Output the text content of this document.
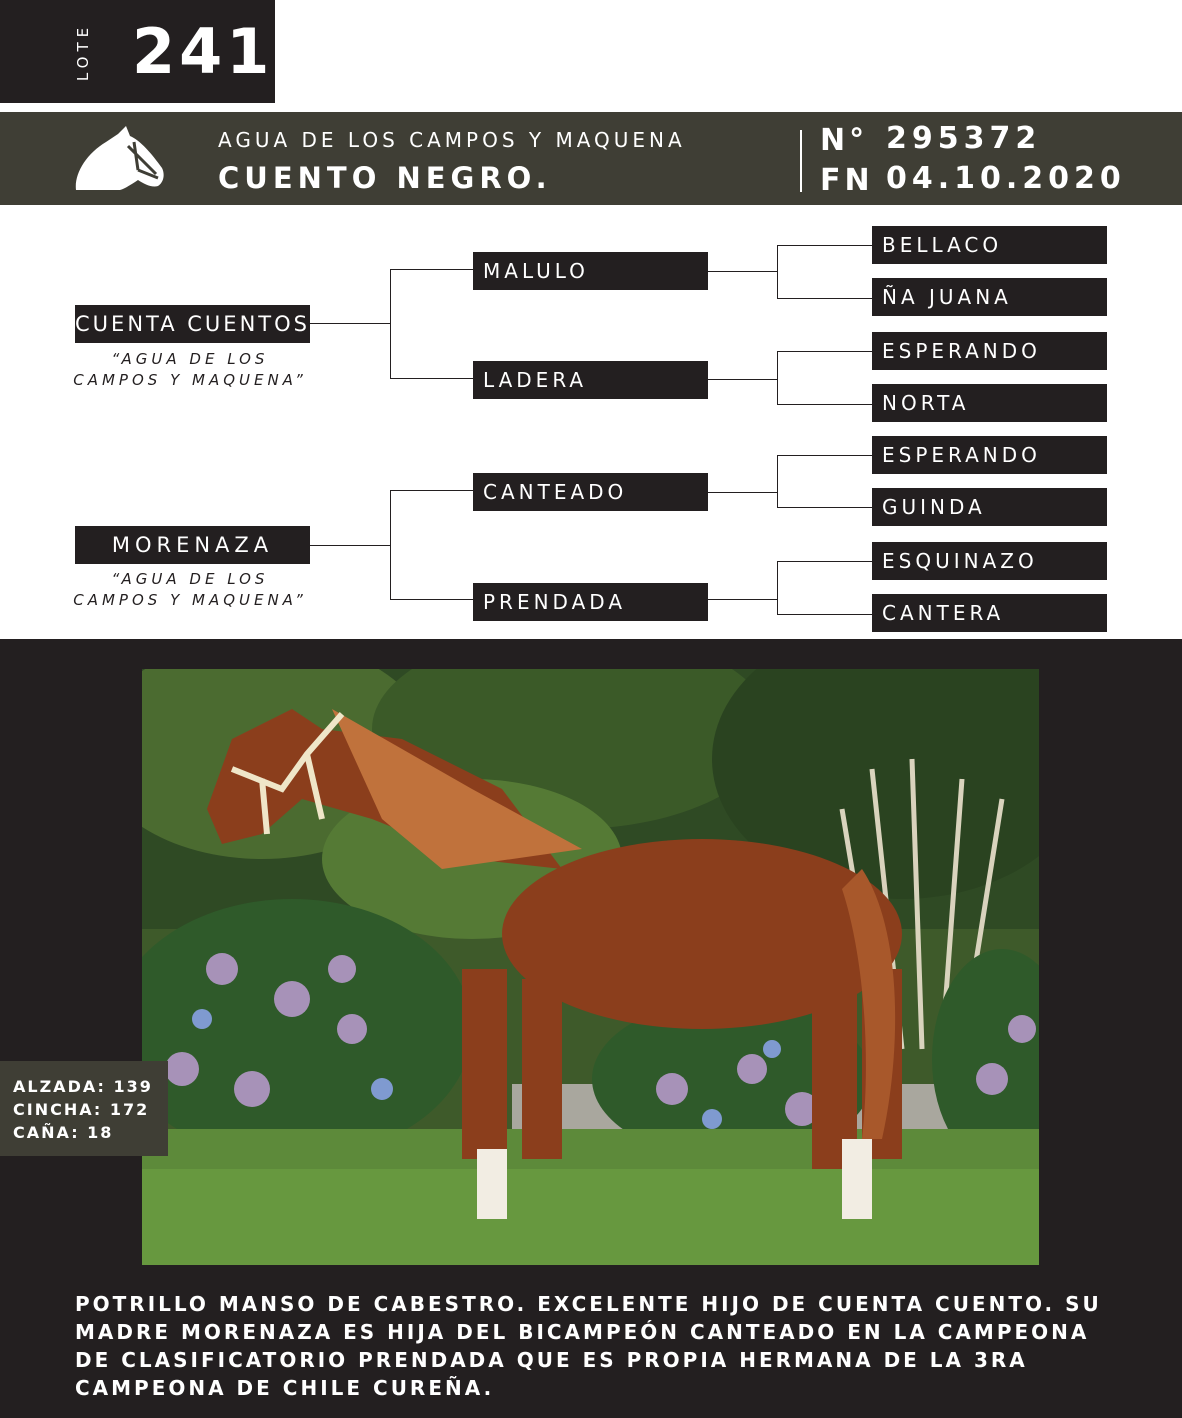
LOTE 241
AGUA DE LOS CAMPOS Y MAQUENA
CUENTO NEGRO.
N° 295372
FN 04.10.2020
CUENTA CUENTOS
“AGUA DE LOS
CAMPOS Y MAQUENA”
MORENAZA
“AGUA DE LOS
CAMPOS Y MAQUENA”
MALULO
LADERA
CANTEADO
PRENDADA
BELLACO
ÑA JUANA
ESPERANDO
NORTA
ESPERANDO
GUINDA
ESQUINAZO
CANTERA
ALZADA: 139
CINCHA: 172
CAÑA: 18
POTRILLO MANSO DE CABESTRO. EXCELENTE HIJO DE CUENTA CUENTO. SU MADRE MORENAZA ES HIJA DEL BICAMPEÓN CANTEADO EN LA CAMPEONA DE CLASIFICATORIO PRENDADA QUE ES PROPIA HERMANA DE LA 3RA CAMPEONA DE CHILE CUREÑA.
